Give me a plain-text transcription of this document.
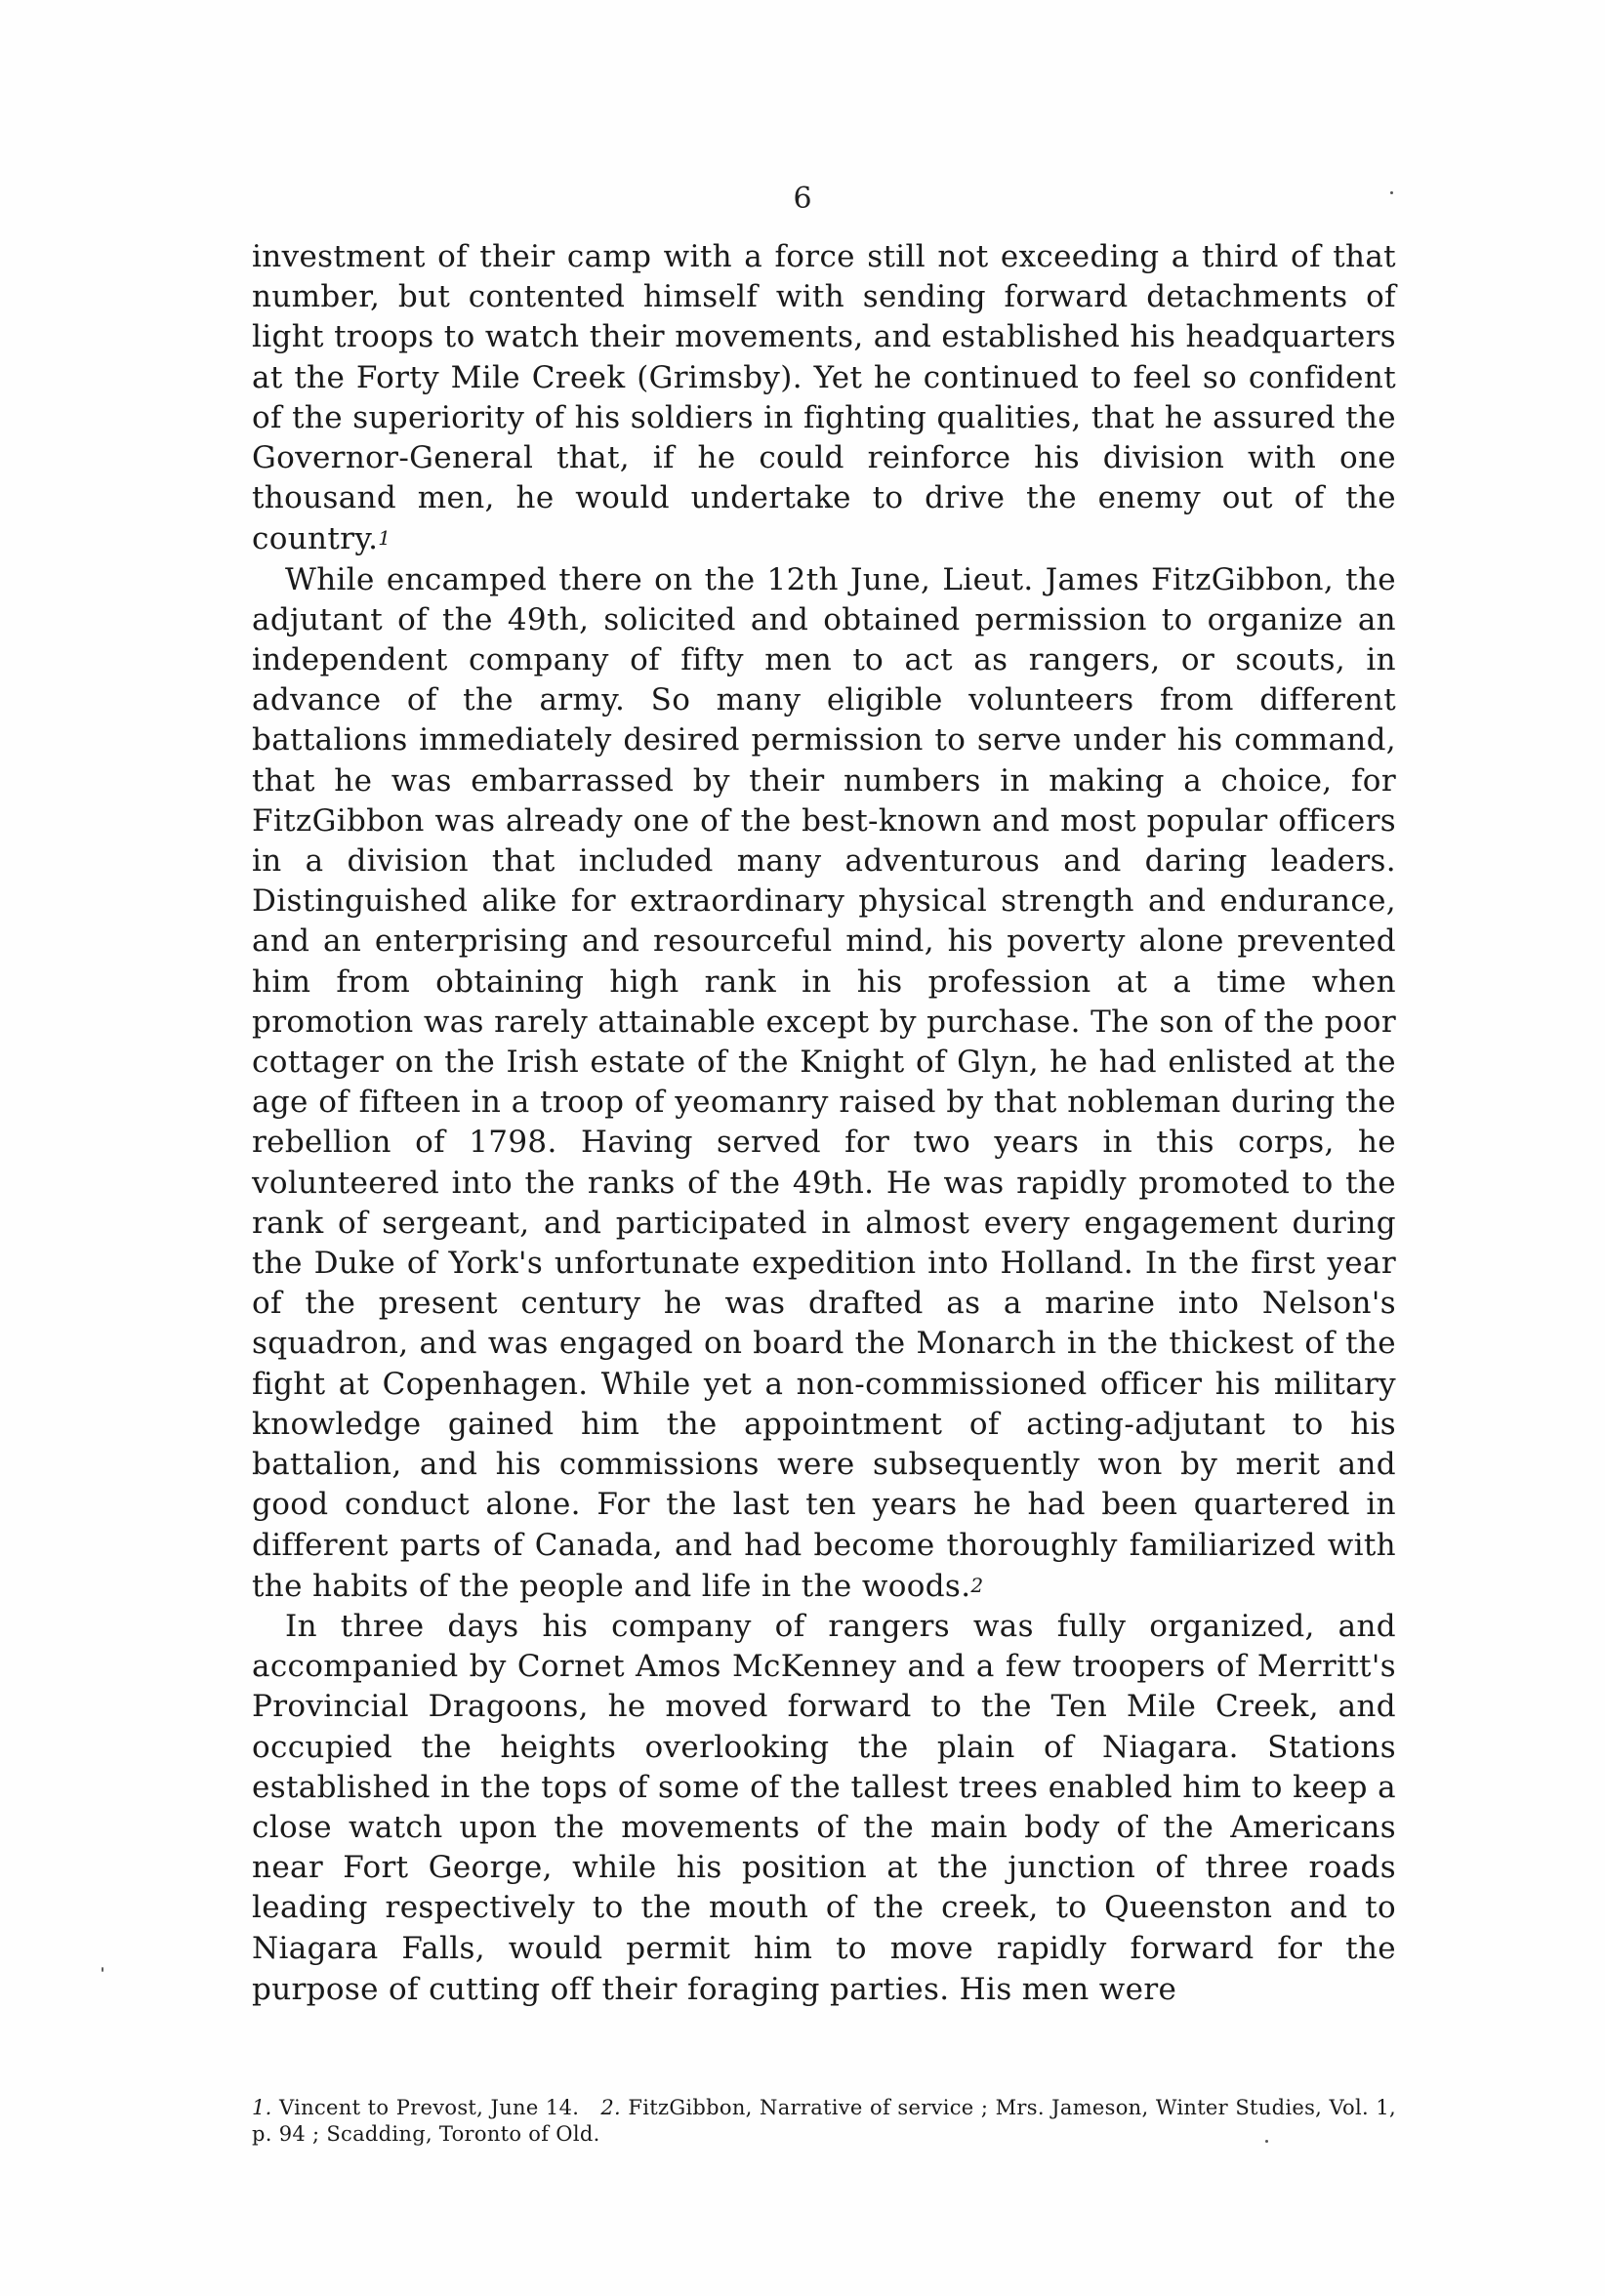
6

investment of their camp with a force still not exceeding a third of that number, but contented himself with sending forward detachments of light troops to watch their movements, and established his headquarters at the Forty Mile Creek (Grimsby). Yet he continued to feel so confident of the superiority of his soldiers in fighting qualities, that he assured the Governor-General that, if he could reinforce his division with one thousand men, he would undertake to drive the enemy out of the country.1

While encamped there on the 12th June, Lieut. James FitzGibbon, the adjutant of the 49th, solicited and obtained permission to organize an independent company of fifty men to act as rangers, or scouts, in advance of the army. So many eligible volunteers from different battalions immediately desired permission to serve under his command, that he was embarrassed by their numbers in making a choice, for FitzGibbon was already one of the best-known and most popular officers in a division that included many adventurous and daring leaders. Distinguished alike for extraordinary physical strength and endurance, and an enterprising and resourceful mind, his poverty alone prevented him from obtaining high rank in his profession at a time when promotion was rarely attainable except by purchase. The son of the poor cottager on the Irish estate of the Knight of Glyn, he had enlisted at the age of fifteen in a troop of yeomanry raised by that nobleman during the rebellion of 1798. Having served for two years in this corps, he volunteered into the ranks of the 49th. He was rapidly promoted to the rank of sergeant, and participated in almost every engagement during the Duke of York's unfortunate expedition into Holland. In the first year of the present century he was drafted as a marine into Nelson's squadron, and was engaged on board the Monarch in the thickest of the fight at Copenhagen. While yet a non-commissioned officer his military knowledge gained him the appointment of acting-adjutant to his battalion, and his commissions were subsequently won by merit and good conduct alone. For the last ten years he had been quartered in different parts of Canada, and had become thoroughly familiarized with the habits of the people and life in the woods.2

In three days his company of rangers was fully organized, and accompanied by Cornet Amos McKenney and a few troopers of Merritt's Provincial Dragoons, he moved forward to the Ten Mile Creek, and occupied the heights overlooking the plain of Niagara. Stations established in the tops of some of the tallest trees enabled him to keep a close watch upon the movements of the main body of the Americans near Fort George, while his position at the junction of three roads leading respectively to the mouth of the creek, to Queenston and to Niagara Falls, would permit him to move rapidly forward for the purpose of cutting off their foraging parties. His men were

1. Vincent to Prevost, June 14. 2. FitzGibbon, Narrative of service ; Mrs. Jameson, Winter Studies, Vol. 1, p. 94 ; Scadding, Toronto of Old.
